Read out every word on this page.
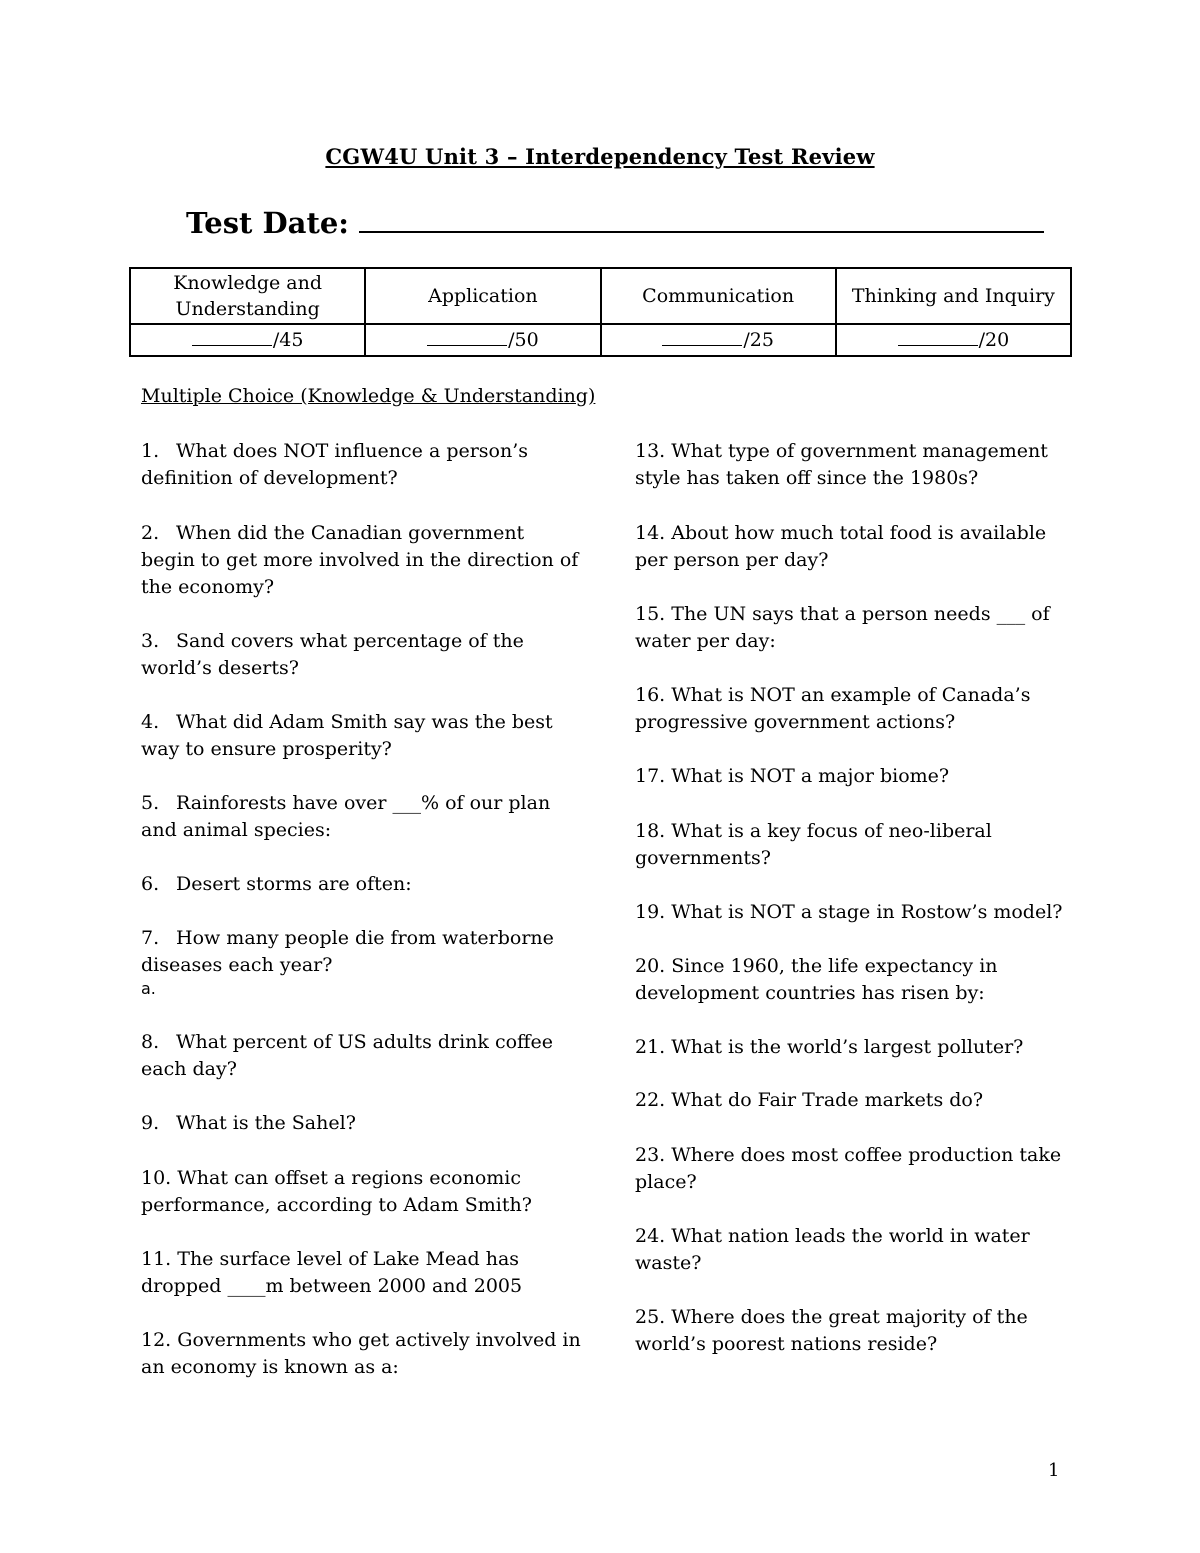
CGW4U Unit 3 – Interdependency Test Review
Test Date:
Knowledge and Understanding	Application	Communication	Thinking and Inquiry
/45	/50	/25	/20
Multiple Choice (Knowledge & Understanding)

1. What does NOT influence a person’s definition of development?

2. When did the Canadian government begin to get more involved in the direction of the economy?

3. Sand covers what percentage of the world’s deserts?

4. What did Adam Smith say was the best way to ensure prosperity?

5. Rainforests have over ___% of our plan and animal species:

6. Desert storms are often:

7. How many people die from waterborne diseases each year?

a.

8. What percent of US adults drink coffee each day?

9. What is the Sahel?

10. What can offset a regions economic performance, according to Adam Smith?

11. The surface level of Lake Mead has dropped ____m between 2000 and 2005

12. Governments who get actively involved in an economy is known as a:

13. What type of government management style has taken off since the 1980s?

14. About how much total food is available per person per day?

15. The UN says that a person needs ___ of water per day:

16. What is NOT an example of Canada’s progressive government actions?

17. What is NOT a major biome?

18. What is a key focus of neo-liberal governments?

19. What is NOT a stage in Rostow’s model?

20. Since 1960, the life expectancy in development countries has risen by:

21. What is the world’s largest polluter?

22. What do Fair Trade markets do?

23. Where does most coffee production take place?

24. What nation leads the world in water waste?

25. Where does the great majority of the world’s poorest nations reside?

1
